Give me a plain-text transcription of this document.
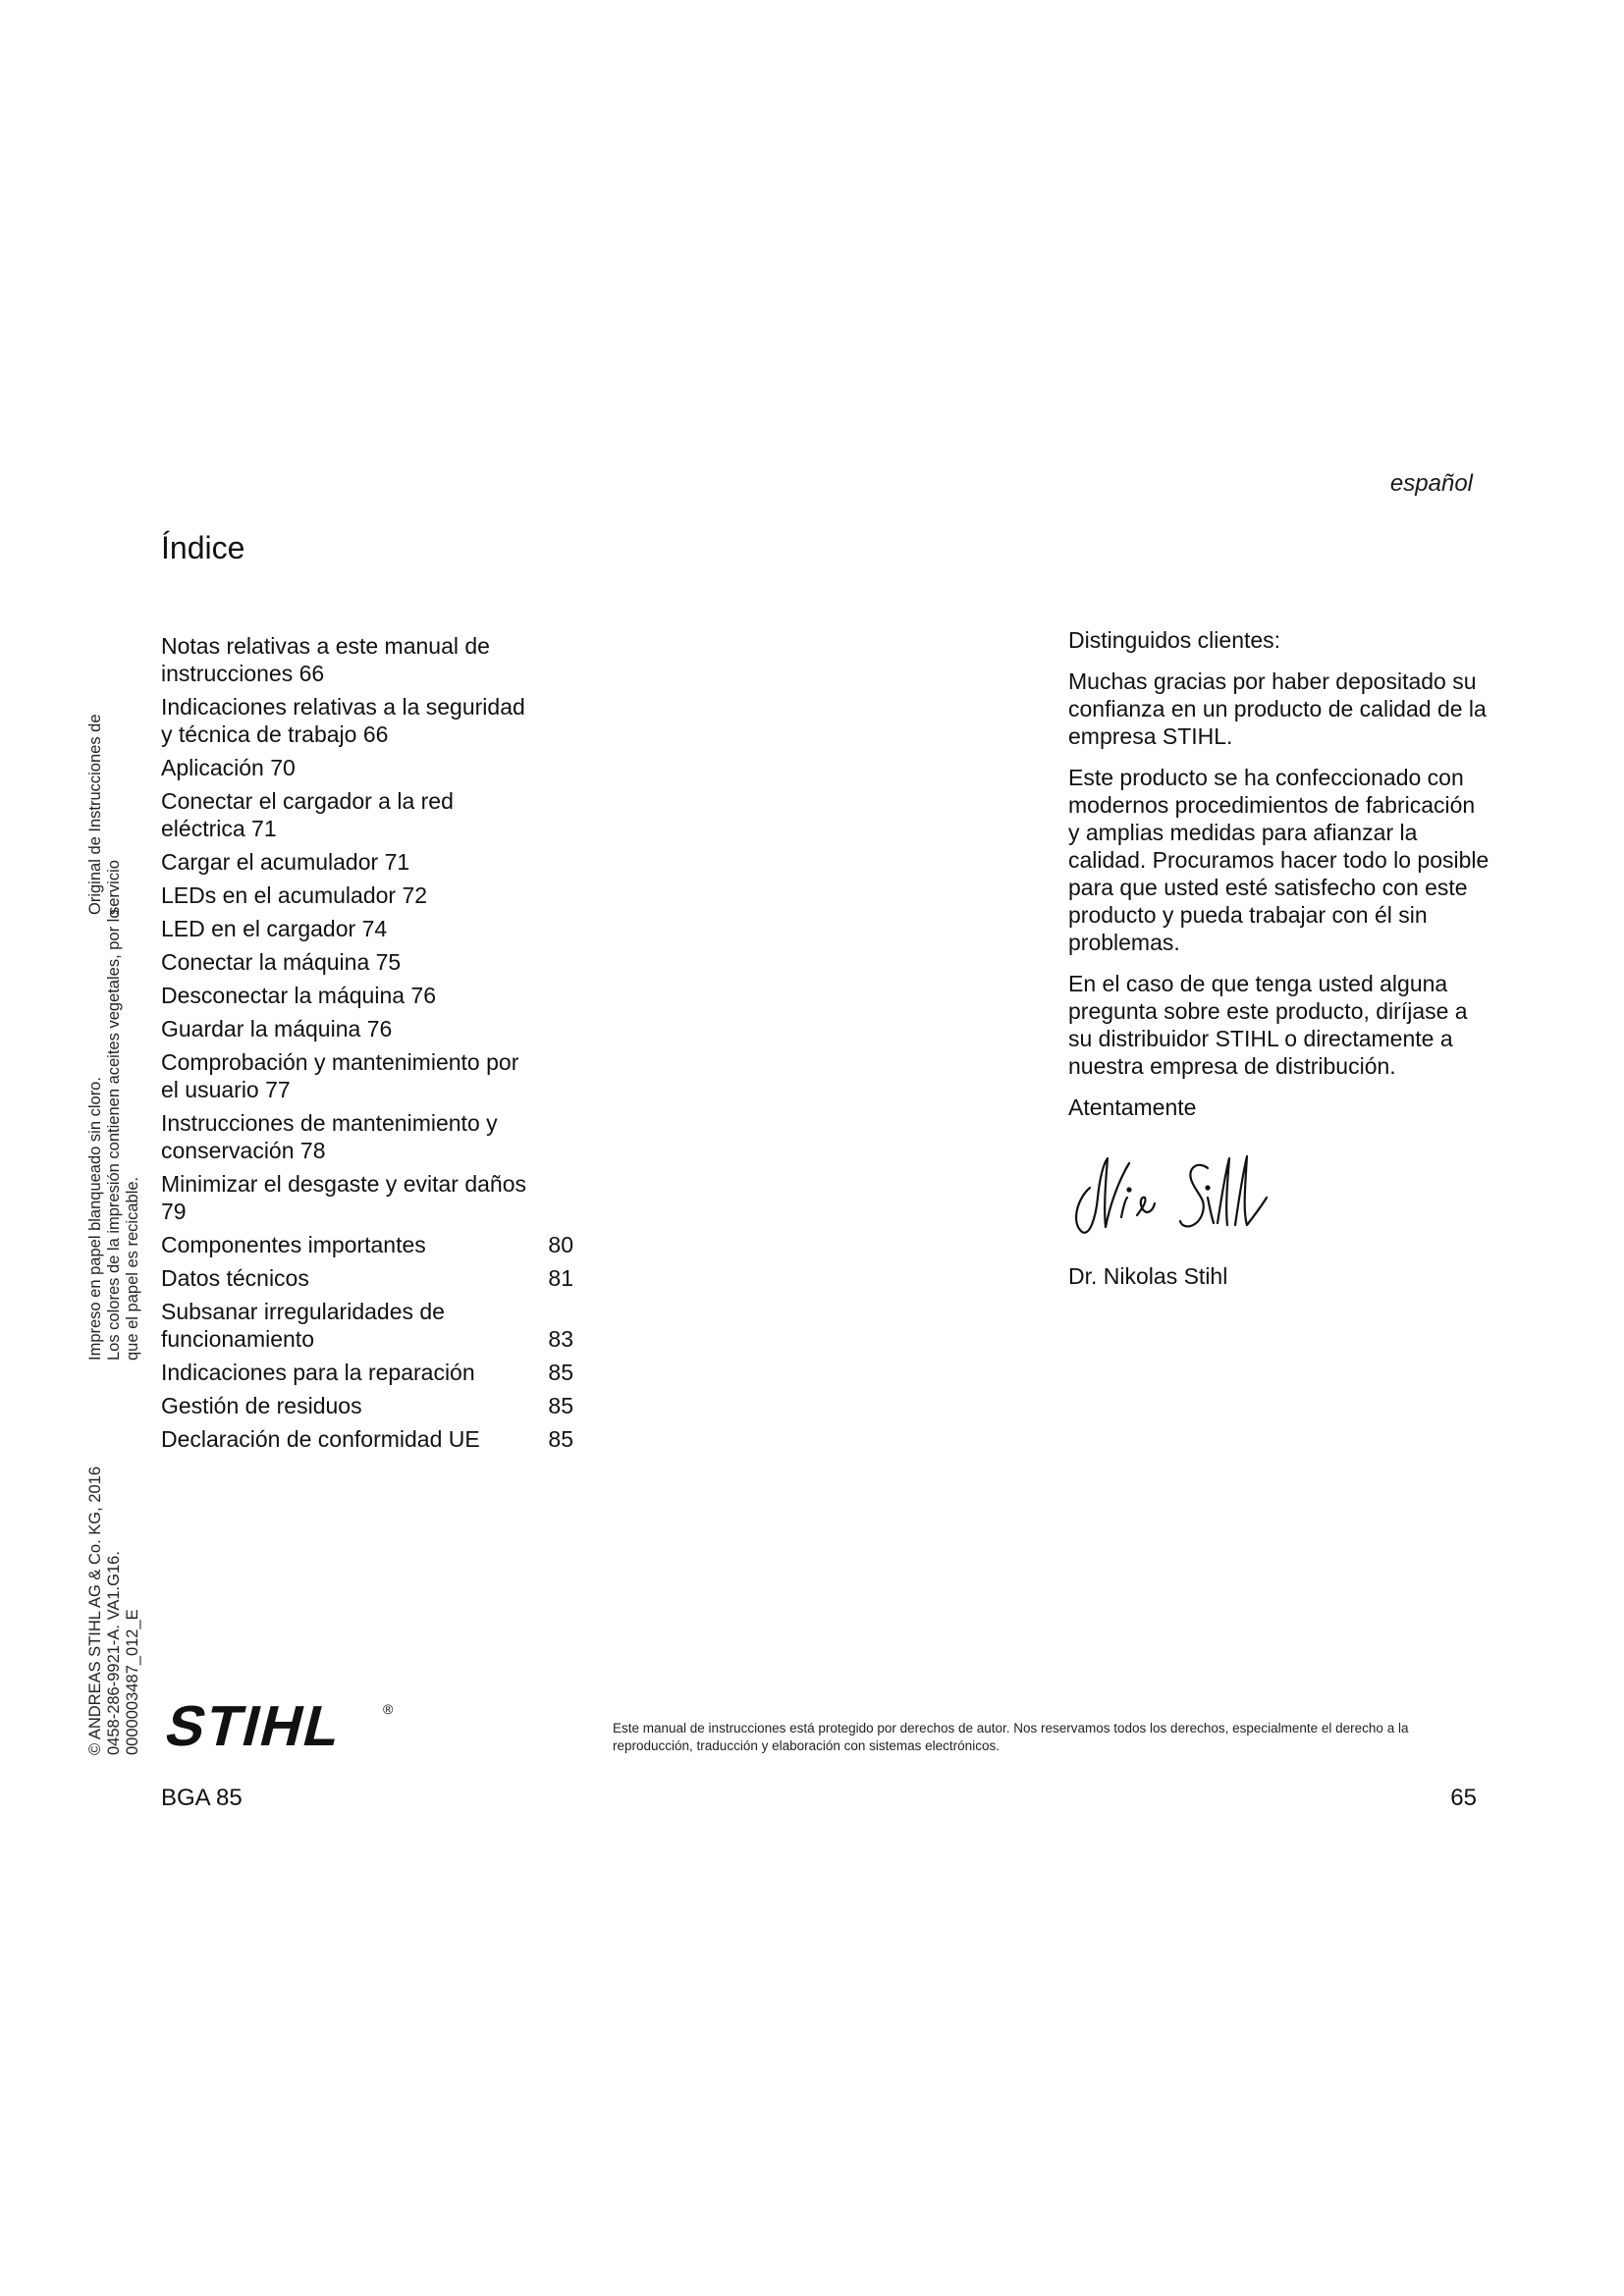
español
Índice
Notas relativas a este manual de instrucciones 66
Indicaciones relativas a la seguridad y técnica de trabajo 66
Aplicación 70
Conectar el cargador a la red eléctrica 71
Cargar el acumulador 71
LEDs en el acumulador 72
LED en el cargador 74
Conectar la máquina 75
Desconectar la máquina 76
Guardar la máquina 76
Comprobación y mantenimiento por el usuario 77
Instrucciones de mantenimiento y conservación 78
Minimizar el desgaste y evitar daños 79
Componentes importantes	80
Datos técnicos	81
Subsanar irregularidades de funcionamiento	83
Indicaciones para la reparación	85
Gestión de residuos	85
Declaración de conformidad UE	85
Impreso en papel blanqueado sin cloro. Los colores de la impresión contienen aceites vegetales, por lo que el papel es recicable.
Original de Instrucciones de servicio
© ANDREAS STIHL AG & Co. KG, 2016 0458-286-9921-A. VA1.G16. 0000003487_012_E

Distinguidos clientes:

Muchas gracias por haber depositado su confianza en un producto de calidad de la empresa STIHL.

Este producto se ha confeccionado con modernos procedimientos de fabricación y amplias medidas para afianzar la calidad. Procuramos hacer todo lo posible para que usted esté satisfecho con este producto y pueda trabajar con él sin problemas.

En el caso de que tenga usted alguna pregunta sobre este producto, diríjase a su distribuidor STIHL o directamente a nuestra empresa de distribución.

Atentamente

Dr. Nikolas Stihl
STIHL ®
Este manual de instrucciones está protegido por derechos de autor. Nos reservamos todos los derechos, especialmente el derecho a la reproducción, traducción y elaboración con sistemas electrónicos.
BGA 85	65
